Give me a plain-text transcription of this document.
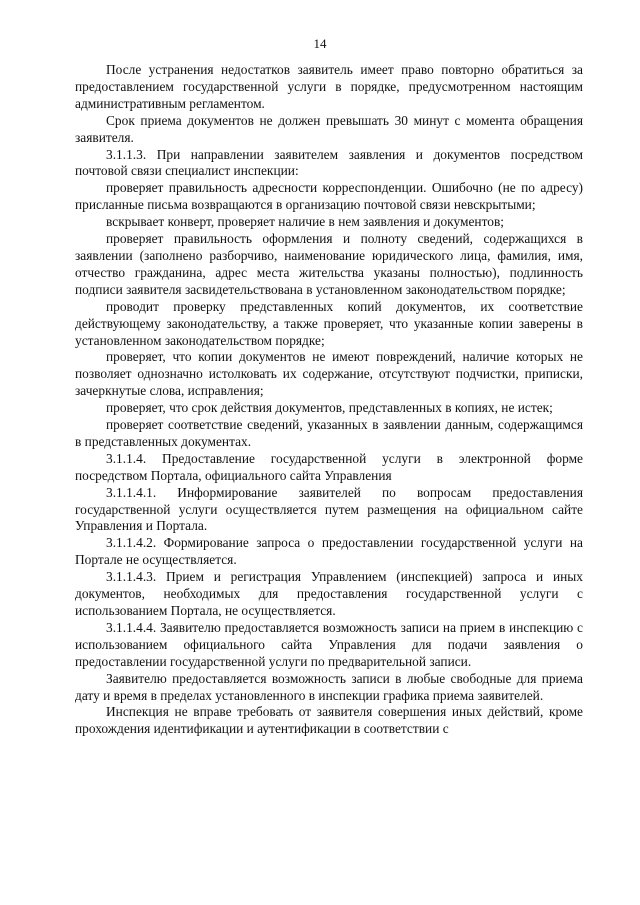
14

После устранения недостатков заявитель имеет право повторно обратиться за предоставлением государственной услуги в порядке, предусмотренном настоящим административным регламентом.

Срок приема документов не должен превышать 30 минут с момента обращения заявителя.

3.1.1.3. При направлении заявителем заявления и документов посредством почтовой связи специалист инспекции:

проверяет правильность адресности корреспонденции. Ошибочно (не по адресу) присланные письма возвращаются в организацию почтовой связи невскрытыми;

вскрывает конверт, проверяет наличие в нем заявления и документов;

проверяет правильность оформления и полноту сведений, содержащихся в заявлении (заполнено разборчиво, наименование юридического лица, фамилия, имя, отчество гражданина, адрес места жительства указаны полностью), подлинность подписи заявителя засвидетельствована в установленном законодательством порядке;

проводит проверку представленных копий документов, их соответствие действующему законодательству, а также проверяет, что указанные копии заверены в установленном законодательством порядке;

проверяет, что копии документов не имеют повреждений, наличие которых не позволяет однозначно истолковать их содержание, отсутствуют подчистки, приписки, зачеркнутые слова, исправления;

проверяет, что срок действия документов, представленных в копиях, не истек;

проверяет соответствие сведений, указанных в заявлении данным, содержащимся в представленных документах.

3.1.1.4. Предоставление государственной услуги в электронной форме посредством Портала, официального сайта Управления

3.1.1.4.1. Информирование заявителей по вопросам предоставления государственной услуги осуществляется путем размещения на официальном сайте Управления и Портала.

3.1.1.4.2. Формирование запроса о предоставлении государственной услуги на Портале не осуществляется.

3.1.1.4.3. Прием и регистрация Управлением (инспекцией) запроса и иных документов, необходимых для предоставления государственной услуги с использованием Портала, не осуществляется.

3.1.1.4.4. Заявителю предоставляется возможность записи на прием в инспекцию с использованием официального сайта Управления для подачи заявления о предоставлении государственной услуги по предварительной записи.

Заявителю предоставляется возможность записи в любые свободные для приема дату и время в пределах установленного в инспекции графика приема заявителей.

Инспекция не вправе требовать от заявителя совершения иных действий, кроме прохождения идентификации и аутентификации в соответствии с
